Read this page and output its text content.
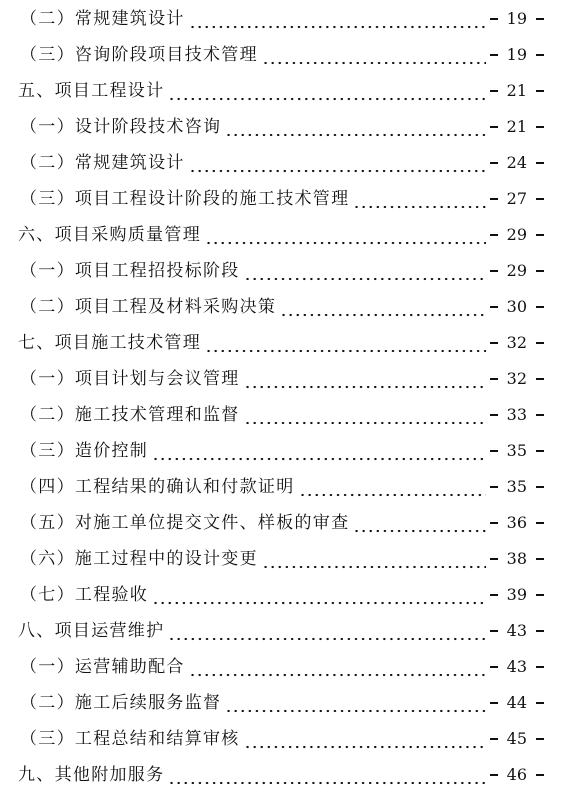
（二）常规建筑设计	19
（三）咨询阶段项目技术管理	19
五、项目工程设计	21
（一）设计阶段技术咨询	21
（二）常规建筑设计	24
（三）项目工程设计阶段的施工技术管理	27
六、项目采购质量管理	29
（一）项目工程招投标阶段	29
（二）项目工程及材料采购决策	30
七、项目施工技术管理	32
（一）项目计划与会议管理	32
（二）施工技术管理和监督	33
（三）造价控制	35
（四）工程结果的确认和付款证明	35
（五）对施工单位提交文件、样板的审查	36
（六）施工过程中的设计变更	38
（七）工程验收	39
八、项目运营维护	43
（一）运营辅助配合	43
（二）施工后续服务监督	44
（三）工程总结和结算审核	45
九、其他附加服务	46
